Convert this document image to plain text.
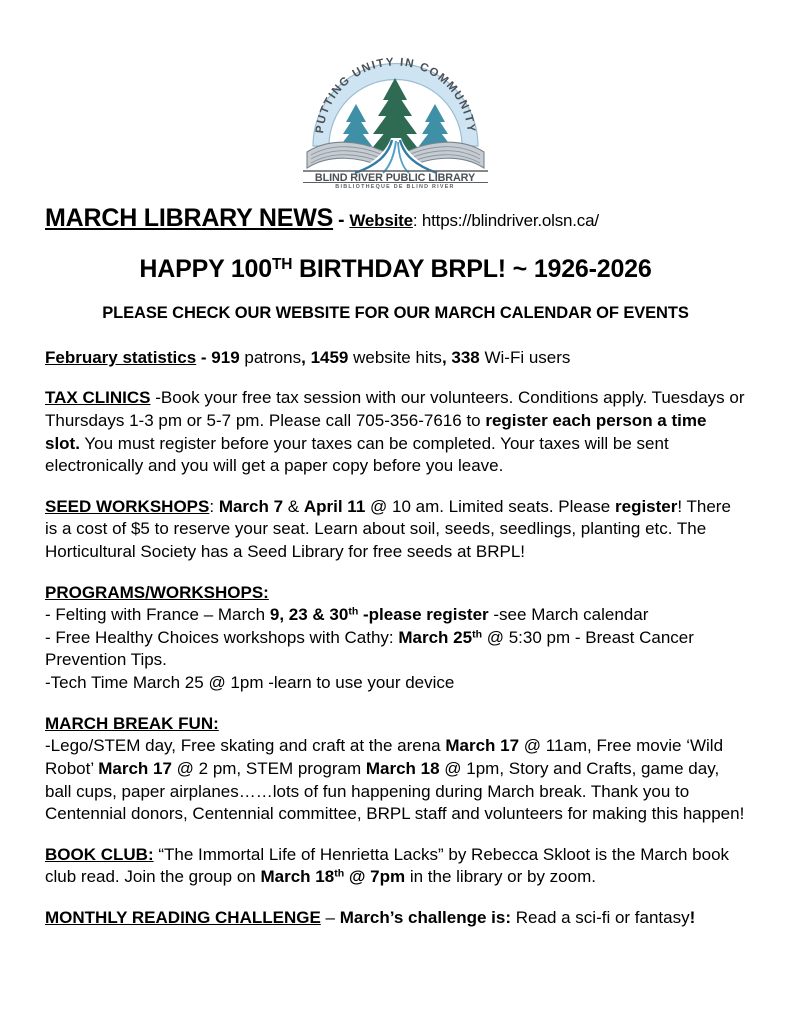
PUTTING UNITY IN COMMUNITY
BLIND RIVER PUBLIC LIBRARY
BIBLIOTHEQUE DE BLIND RIVER
MARCH LIBRARY NEWS - Website: https://blindriver.olsn.ca/
HAPPY 100TH BIRTHDAY BRPL! ~ 1926-2026
PLEASE CHECK OUR WEBSITE FOR OUR MARCH CALENDAR OF EVENTS
February statistics - 919 patrons, 1459 website hits, 338 Wi-Fi users
TAX CLINICS -Book your free tax session with our volunteers. Conditions apply. Tuesdays or Thursdays 1-3 pm or 5-7 pm. Please call 705-356-7616 to register each person a time slot. You must register before your taxes can be completed. Your taxes will be sent electronically and you will get a paper copy before you leave.
SEED WORKSHOPS: March 7 & April 11 @ 10 am. Limited seats. Please register! There is a cost of $5 to reserve your seat. Learn about soil, seeds, seedlings, planting etc. The Horticultural Society has a Seed Library for free seeds at BRPL!
PROGRAMS/WORKSHOPS:
- Felting with France – March 9, 23 & 30th -please register -see March calendar
- Free Healthy Choices workshops with Cathy: March 25th @ 5:30 pm - Breast Cancer Prevention Tips.
-Tech Time March 25 @ 1pm -learn to use your device
MARCH BREAK FUN:
-Lego/STEM day, Free skating and craft at the arena March 17 @ 11am, Free movie ‘Wild Robot’ March 17 @ 2 pm, STEM program March 18 @ 1pm, Story and Crafts, game day, ball cups, paper airplanes……lots of fun happening during March break. Thank you to Centennial donors, Centennial committee, BRPL staff and volunteers for making this happen!
BOOK CLUB: “The Immortal Life of Henrietta Lacks” by Rebecca Skloot is the March book club read. Join the group on March 18th @ 7pm in the library or by zoom.
MONTHLY READING CHALLENGE – March’s challenge is: Read a sci-fi or fantasy!
